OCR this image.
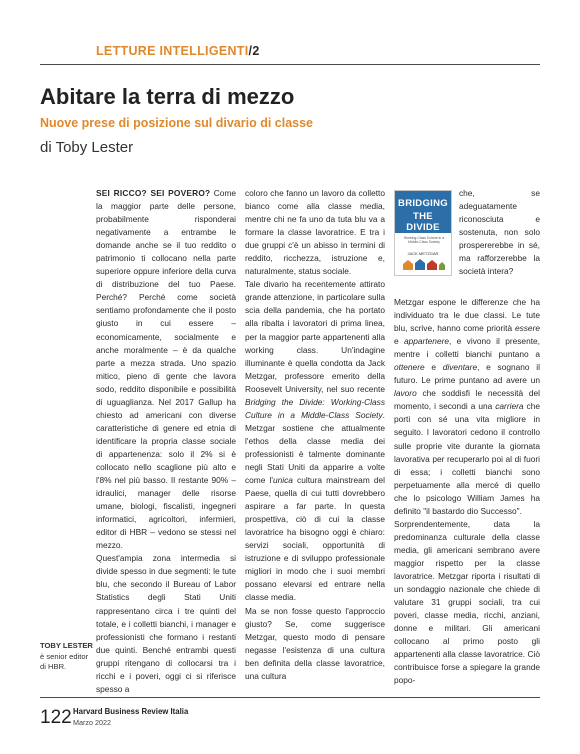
LETTURE INTELLIGENTI/2
Abitare la terra di mezzo
Nuove prese di posizione sul divario di classe
di Toby Lester

SEI RICCO? SEI POVERO? Come la maggior parte delle persone, probabilmente risponderai negativamente a entrambe le domande anche se il tuo reddito o patrimonio ti collocano nella parte superiore oppure inferiore della curva di distribuzione del tuo Paese. Perché? Perché come società sentiamo profondamente che il posto giusto in cui essere – economicamente, socialmente e anche moralmente – è da qualche parte a mezza strada. Uno spazio mitico, pieno di gente che lavora sodo, reddito disponibile e possibilità di uguaglianza. Nel 2017 Gallup ha chiesto ad americani con diverse caratteristiche di genere ed etnia di identificare la propria classe sociale di appartenenza: solo il 2% si è collocato nello scaglione più alto e l'8% nel più basso. Il restante 90% – idraulici, manager delle risorse umane, biologi, fiscalisti, ingegneri informatici, agricoltori, infermieri, editor di HBR – vedono se stessi nel mezzo.

Quest'ampia zona intermedia si divide spesso in due segmenti: le tute blu, che secondo il Bureau of Labor Statistics degli Stati Uniti rappresentano circa i tre quinti del totale, e i colletti bianchi, i manager e professionisti che formano i restanti due quinti. Benché entrambi questi gruppi ritengano di collocarsi tra i ricchi e i poveri, oggi ci si riferisce spesso a

coloro che fanno un lavoro da colletto bianco come alla classe media, mentre chi ne fa uno da tuta blu va a formare la classe lavoratrice. E tra i due gruppi c'è un abisso in termini di reddito, ricchezza, istruzione e, naturalmente, status sociale.

Tale divario ha recentemente attirato grande attenzione, in particolare sulla scia della pandemia, che ha portato alla ribalta i lavoratori di prima linea, per la maggior parte appartenenti alla working class. Un'indagine illuminante è quella condotta da Jack Metzgar, professore emerito della Roosevelt University, nel suo recente Bridging the Divide: Working-Class Culture in a Middle-Class Society. Metzgar sostiene che attualmente l'ethos della classe media dei professionisti è talmente dominante negli Stati Uniti da apparire a volte come l'unica cultura mainstream del Paese, quella di cui tutti dovrebbero aspirare a far parte. In questa prospettiva, ciò di cui la classe lavoratrice ha bisogno oggi è chiaro: servizi sociali, opportunità di istruzione e di sviluppo professionale migliori in modo che i suoi membri possano elevarsi ed entrare nella classe media.

Ma se non fosse questo l'approccio giusto? Se, come suggerisce Metzgar, questo modo di pensare negasse l'esistenza di una cultura ben definita della classe lavoratrice, una cultura

BRIDGING
THE DIVIDE
Working-Class Culture in a Middle-Class Society
JACK METZGAR

che, se adeguatamente riconosciuta e sostenuta, non solo prospererebbe in sé, ma rafforzerebbe la società intera?

Metzgar espone le differenze che ha individuato tra le due classi. Le tute blu, scrive, hanno come priorità essere e appartenere, e vivono il presente, mentre i colletti bianchi puntano a ottenere e diventare, e sognano il futuro. Le prime puntano ad avere un lavoro che soddisfi le necessità del momento, i secondi a una carriera che porti con sé una vita migliore in seguito. I lavoratori cedono il controllo sulle proprie vite durante la giornata lavorativa per recuperarlo poi al di fuori di essa; i colletti bianchi sono perpetuamente alla mercé di quello che lo psicologo William James ha definito "il bastardo dio Successo".

Sorprendentemente, data la predominanza culturale della classe media, gli americani sembrano avere maggior rispetto per la classe lavoratrice. Metzgar riporta i risultati di un sondaggio nazionale che chiede di valutare 31 gruppi sociali, tra cui poveri, classe media, ricchi, anziani, donne e militari. Gli americani collocano al primo posto gli appartenenti alla classe lavoratrice. Ciò contribuisce forse a spiegare la grande popo-

TOBY LESTER è senior editor di HBR.
122 Harvard Business Review Italia
Marzo 2022
